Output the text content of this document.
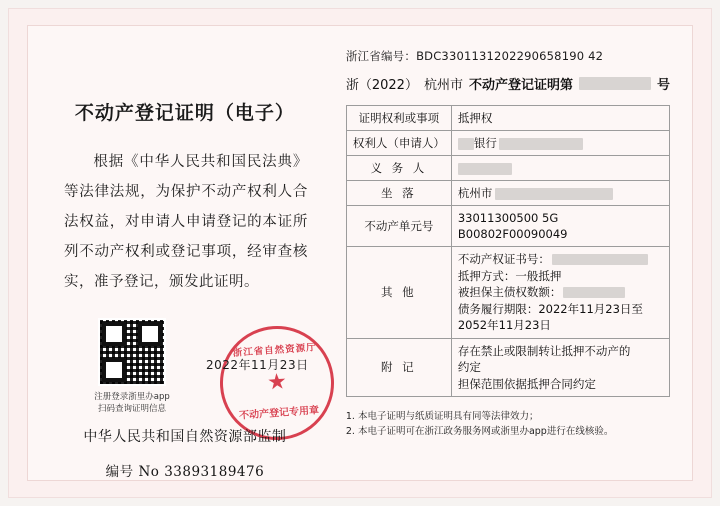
不动产登记证明（电子）
根据《中华人民共和国民法典》等法律法规，为保护不动产权利人合法权益，对申请人申请登记的本证所列不动产权利或登记事项，经审查核实，准予登记，颁发此证明。
注册登录浙里办app
扫码查询证明信息
浙江省自然资源厅
★
不动产登记专用章
2022年11月23日
中华人民共和国自然资源部监制
编号 No 33893189476
浙江省编号：BDC3301131202290658190 42
浙（2022） 杭州市 不动产登记证明第	号
证明权利或事项	抵押权
权利人（申请人）	银行
义 务 人	
坐 落	杭州市
不动产单元号	33011300500 5G B00802F00090049
其 他	不动产权证书号：
抵押方式：一般抵押
被担保主债权数额：
债务履行期限：2022年11月23日至
2052年11月23日

附 记	存在禁止或限制转让抵押不动产的
约定
担保范围依据抵押合同约定
1. 本电子证明与纸质证明具有同等法律效力；
2. 本电子证明可在浙江政务服务网或浙里办app进行在线核验。
